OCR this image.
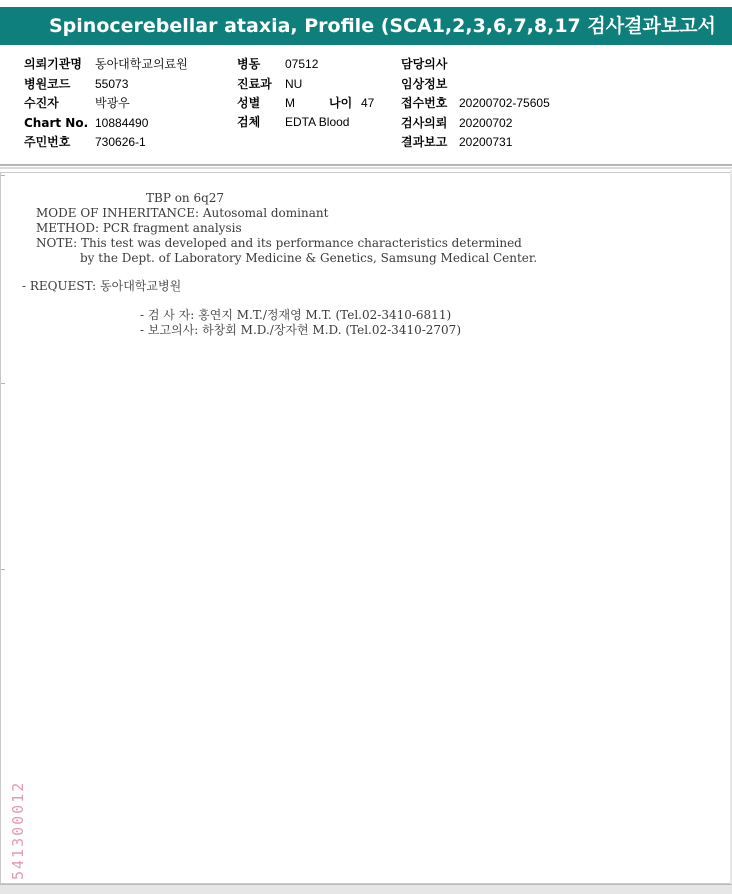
Spinocerebellar ataxia, Profile (SCA1,2,3,6,7,8,17 검사결과보고서
의뢰기관명 동아대학교의료원
병원코드 55073
수진자	박광우
Chart No. 10884490
주민번호 730626-1
병동 07512
진료과 NU
성별 M	나이 47
검체 EDTA Blood
담당의사
임상정보
접수번호 20200702-75605
검사의뢰 20200702
결과보고 20200731
TBP on 6q27
MODE OF INHERITANCE: Autosomal dominant
METHOD: PCR fragment analysis
NOTE: This test was developed and its performance characteristics determined
by the Dept. of Laboratory Medicine & Genetics, Samsung Medical Center.
- REQUEST: 동아대학교병원
- 검 사 자: 홍연지 M.T./정재영 M.T. (Tel.02-3410-6811)
- 보고의사: 하창회 M.D./장자현 M.D. (Tel.02-3410-2707)
541300012
